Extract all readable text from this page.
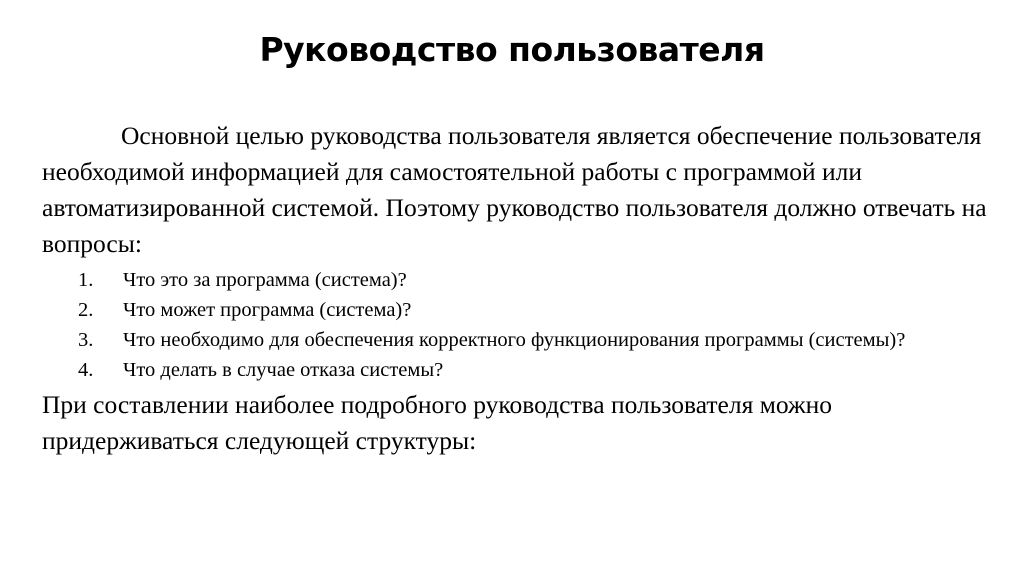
Руководство пользователя

Основной целью руководства пользователя является обеспечение пользователя необходимой информацией для самостоятельной работы с программой или автоматизированной системой. Поэтому руководство пользователя должно отвечать на вопросы:

1. Что это за программа (система)?
2. Что может программа (система)?
3. Что необходимо для обеспечения корректного функционирования программы (системы)?
4. Что делать в случае отказа системы?

При составлении наиболее подробного руководства пользователя можно придерживаться следующей структуры:
